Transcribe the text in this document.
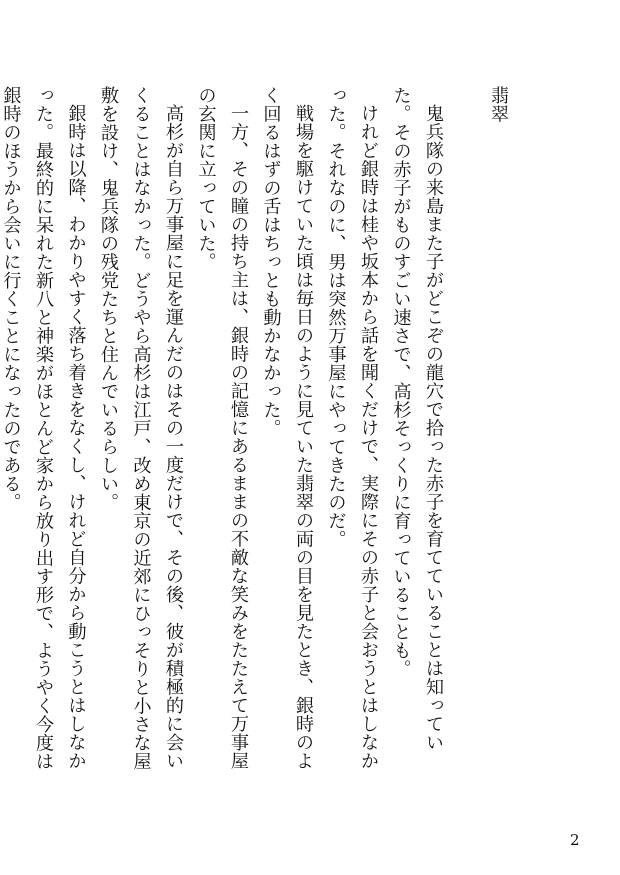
翡翠

鬼兵隊の来島また子がどこぞの龍穴で拾った赤子を育てていることは知っていた。その赤子がものすごい速さで、高杉そっくりに育っていることも。

けれど銀時は桂や坂本から話を聞くだけで、実際にその赤子と会おうとはしなかった。それなのに、男は突然万事屋にやってきたのだ。

戦場を駆けていた頃は毎日のように見ていた翡翠の両の目を見たとき、銀時のよく回るはずの舌はちっとも動かなかった。

一方、その瞳の持ち主は、銀時の記憶にあるままの不敵な笑みをたたえて万事屋の玄関に立っていた。

高杉が自ら万事屋に足を運んだのはその一度だけで、その後、彼が積極的に会いくることはなかった。どうやら高杉は江戸、改め東京の近郊にひっそりと小さな屋敷を設け、鬼兵隊の残党たちと住んでいるらしい。

銀時は以降、わかりやすく落ち着きをなくし、けれど自分から動こうとはしなかった。最終的に呆れた新八と神楽がほとんど家から放り出す形で、ようやく今度は銀時のほうから会いに行くことになったのである。

2
